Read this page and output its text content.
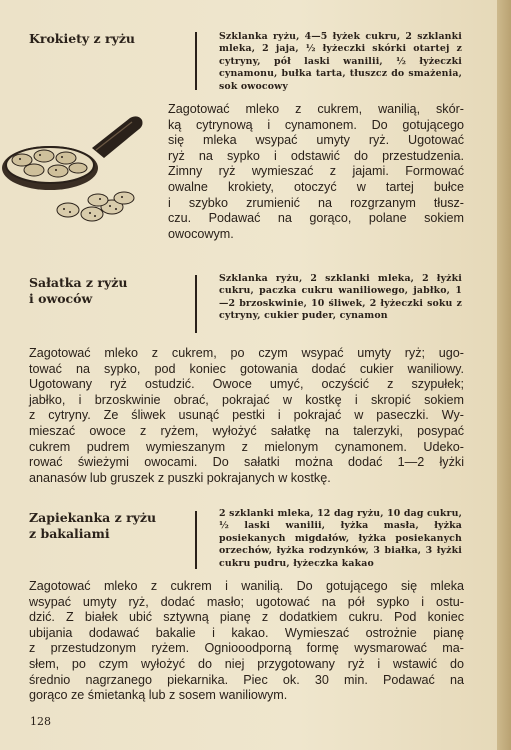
Krokiety z ryżu	Szklanka ryżu, 4—5 łyżek cukru, 2 szklanki mleka, 2 jaja, ½ łyżeczki skórki otartej z cytryny, pół laski wanilii, ½ łyżeczki cynamonu, bułka tarta, tłuszcz do smażenia, sok owocowy

Zagotować mleko z cukrem, wanilią, skór-
ką cytrynową i cynamonem. Do gotującego
się mleka wsypać umyty ryż. Ugotować
ryż na sypko i odstawić do przestudzenia.
Zimny ryż wymieszać z jajami. Formować
owalne krokiety, otoczyć w tartej bułce
i szybko zrumienić na rozgrzanym tłusz-
czu. Podawać na gorąco, polane sokiem
owocowym.

Sałatka z ryżu
i owoców

Szklanka ryżu, 2 szklanki mleka, 2 łyżki cukru, paczka cukru waniliowego, jabłko, 1—2 brzoskwinie, 10 śliwek, 2 łyżeczki soku z cytryny, cukier puder, cynamon

Zagotować mleko z cukrem, po czym wsypać umyty ryż; ugo-
tować na sypko, pod koniec gotowania dodać cukier waniliowy.
Ugotowany ryż ostudzić. Owoce umyć, oczyścić z szypułek;
jabłko, i brzoskwinie obrać, pokrajać w kostkę i skropić sokiem
z cytryny. Ze śliwek usunąć pestki i pokrajać w paseczki. Wy-
mieszać owoce z ryżem, wyłożyć sałatkę na talerzyki, posypać
cukrem pudrem wymieszanym z mielonym cynamonem. Udeko-
rować świeżymi owocami. Do sałatki można dodać 1—2 łyżki
ananasów lub gruszek z puszki pokrajanych w kostkę.

Zapiekanka z ryżu
z bakaliami

2 szklanki mleka, 12 dag ryżu, 10 dag cukru, ½ laski wanilii, łyżka masła, łyżka posiekanych migdałów, łyżka posiekanych orzechów, łyżka rodzynków, 3 białka, 3 łyżki cukru pudru, łyżeczka kakao

Zagotować mleko z cukrem i wanilią. Do gotującego się mleka
wsypać umyty ryż, dodać masło; ugotować na pół sypko i ostu-
dzić. Z białek ubić sztywną pianę z dodatkiem cukru. Pod koniec
ubijania dodawać bakalie i kakao. Wymieszać ostrożnie pianę
z przestudzonym ryżem. Ogniooodporną formę wysmarować ma-
słem, po czym wyłożyć do niej przygotowany ryż i wstawić do
średnio nagrzanego piekarnika. Piec ok. 30 min. Podawać na
gorąco ze śmietanką lub z sosem waniliowym.

128
